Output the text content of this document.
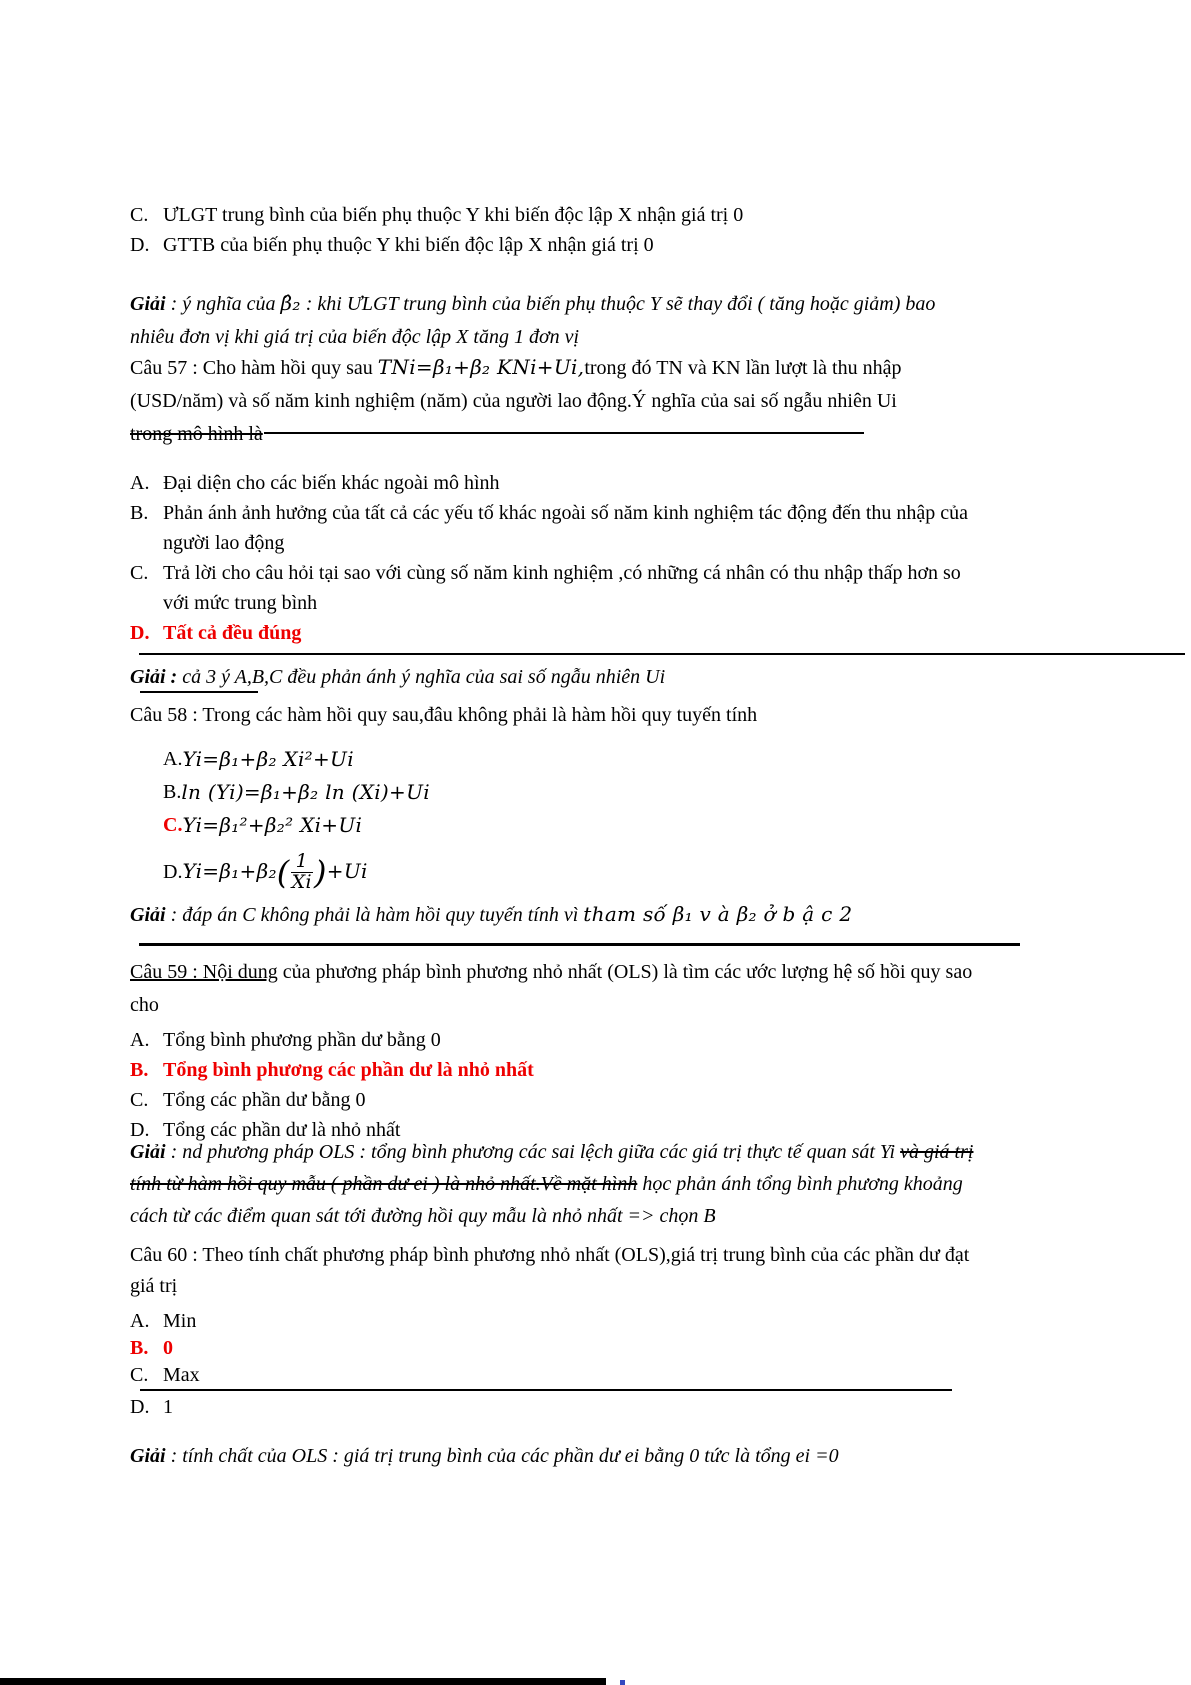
C. ƯLGT trung bình của biến phụ thuộc Y khi biến độc lập X nhận giá trị 0
D. GTTB của biến phụ thuộc Y khi biến độc lập X nhận giá trị 0
Giải : ý nghĩa của β̂₂ : khi ƯLGT trung bình của biến phụ thuộc Y sẽ thay đổi ( tăng hoặc giảm) bao nhiêu đơn vị khi giá trị của biến độc lập X tăng 1 đơn vị
Câu 57 : Cho hàm hồi quy sau TNi=β₁+β₂ KNi+Ui,trong đó TN và KN lần lượt là thu nhập (USD/năm) và số năm kinh nghiệm (năm) của người lao động.Ý nghĩa của sai số ngẫu nhiên Ui
trong mô hình là
A. Đại diện cho các biến khác ngoài mô hình
B. Phản ánh ảnh hưởng của tất cả các yếu tố khác ngoài số năm kinh nghiệm tác động đến thu nhập của người lao động
C. Trả lời cho câu hỏi tại sao với cùng số năm kinh nghiệm ,có những cá nhân có thu nhập thấp hơn so với mức trung bình
D. Tất cả đều đúng
Giải : cả 3 ý A,B,C đều phản ánh ý nghĩa của sai số ngẫu nhiên Ui
Câu 58 : Trong các hàm hồi quy sau,đâu không phải là hàm hồi quy tuyến tính
A. Yi=β₁+β₂ Xi²+Ui
B. ln (Yi)=β₁+β₂ ln (Xi)+Ui
C. Yi=β₁²+β₂² Xi+Ui
D. $Yi=\beta_1+\beta_2( \frac{1}{Xi} )+Ui$
Giải : đáp án C không phải là hàm hồi quy tuyến tính vì tham số β₁ v à β₂ ở b ậ c 2
Câu 59 : Nội dung của phương pháp bình phương nhỏ nhất (OLS) là tìm các ước lượng hệ số hồi quy sao cho
A. Tổng bình phương phần dư bằng 0
B. Tổng bình phương các phần dư là nhỏ nhất
C. Tổng các phần dư bằng 0
D. Tổng các phần dư là nhỏ nhất
Giải : nd phương pháp OLS : tổng bình phương các sai lệch giữa các giá trị thực tế quan sát Yi và giá trị tính từ hàm hồi quy mẫu ( phần dư ei ) là nhỏ nhất.Về mặt hình học phản ánh tổng bình phương khoảng cách từ các điểm quan sát tới đường hồi quy mẫu là nhỏ nhất => chọn B
Câu 60 : Theo tính chất phương pháp bình phương nhỏ nhất (OLS),giá trị trung bình của các phần dư đạt giá trị
A. Min
B. 0
C. Max
D. 1
Giải : tính chất của OLS : giá trị trung bình của các phần dư ei bằng 0 tức là tổng ei =0
